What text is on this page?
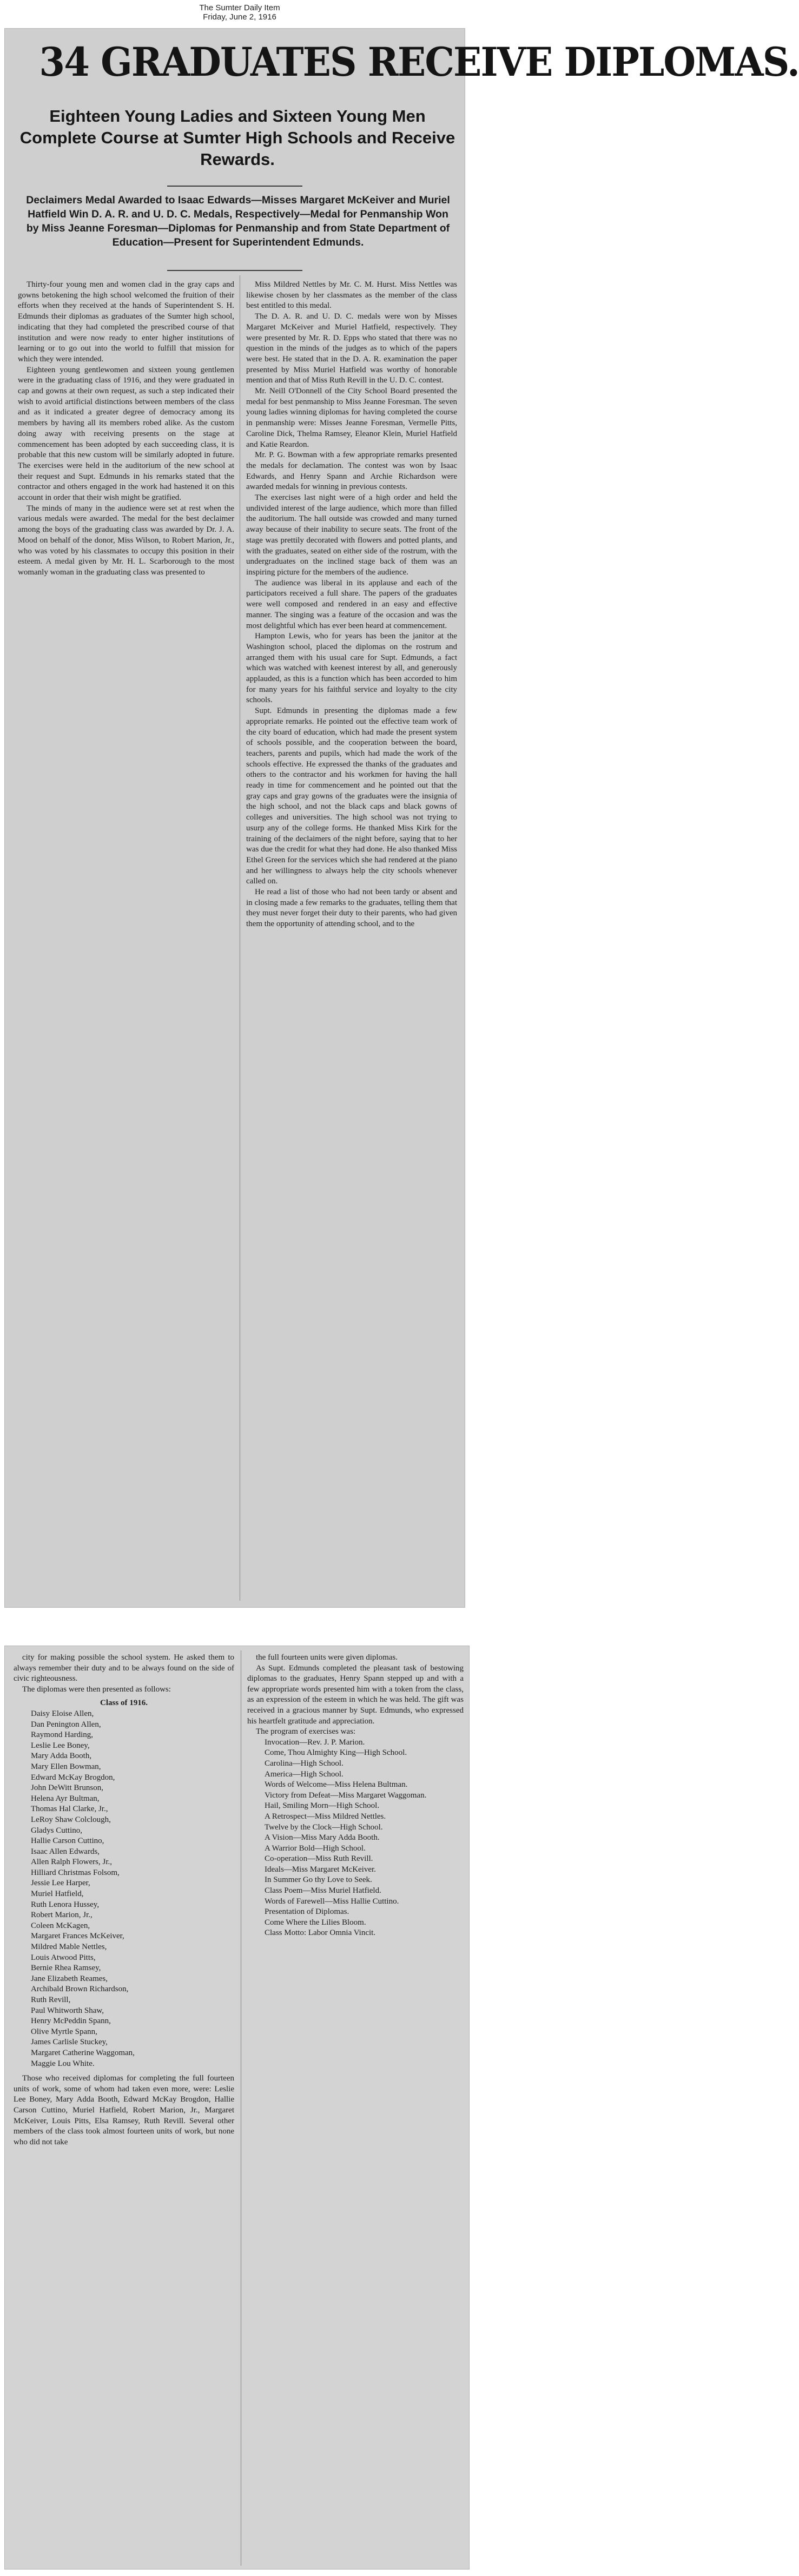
The Sumter Daily Item
Friday, June 2, 1916
34 GRADUATES RECEIVE DIPLOMAS.
Eighteen Young Ladies and Sixteen Young Men Complete Course at Sumter High Schools and Receive Rewards.
Declaimers Medal Awarded to Isaac Edwards—Misses Margaret McKeiver and Muriel Hatfield Win D. A. R. and U. D. C. Medals, Respectively—Medal for Penmanship Won by Miss Jeanne Foresman—Diplomas for Penmanship and from State Department of Education—Present for Superintendent Edmunds.

Thirty-four young men and women clad in the gray caps and gowns betokening the high school welcomed the fruition of their efforts when they received at the hands of Superintendent S. H. Edmunds their diplomas as graduates of the Sumter high school, indicating that they had completed the prescribed course of that institution and were now ready to enter higher institutions of learning or to go out into the world to fulfill that mission for which they were intended.

Eighteen young gentlewomen and sixteen young gentlemen were in the graduating class of 1916, and they were graduated in cap and gowns at their own request, as such a step indicated their wish to avoid artificial distinctions between members of the class and as it indicated a greater degree of democracy among its members by having all its members robed alike. As the custom doing away with receiving presents on the stage at commencement has been adopted by each succeeding class, it is probable that this new custom will be similarly adopted in future. The exercises were held in the auditorium of the new school at their request and Supt. Edmunds in his remarks stated that the contractor and others engaged in the work had hastened it on this account in order that their wish might be gratified.

The minds of many in the audience were set at rest when the various medals were awarded. The medal for the best declaimer among the boys of the graduating class was awarded by Dr. J. A. Mood on behalf of the donor, Miss Wilson, to Robert Marion, Jr., who was voted by his classmates to occupy this position in their esteem. A medal given by Mr. H. L. Scarborough to the most womanly woman in the graduating class was presented to

Miss Mildred Nettles by Mr. C. M. Hurst. Miss Nettles was likewise chosen by her classmates as the member of the class best entitled to this medal.

The D. A. R. and U. D. C. medals were won by Misses Margaret McKeiver and Muriel Hatfield, respectively. They were presented by Mr. R. D. Epps who stated that there was no question in the minds of the judges as to which of the papers were best. He stated that in the D. A. R. examination the paper presented by Miss Muriel Hatfield was worthy of honorable mention and that of Miss Ruth Revill in the U. D. C. contest.

Mr. Neill O'Donnell of the City School Board presented the medal for best penmanship to Miss Jeanne Foresman. The seven young ladies winning diplomas for having completed the course in penmanship were: Misses Jeanne Foresman, Vermelle Pitts, Caroline Dick, Thelma Ramsey, Eleanor Klein, Muriel Hatfield and Katie Reardon.

Mr. P. G. Bowman with a few appropriate remarks presented the medals for declamation. The contest was won by Isaac Edwards, and Henry Spann and Archie Richardson were awarded medals for winning in previous contests.

The exercises last night were of a high order and held the undivided interest of the large audience, which more than filled the auditorium. The hall outside was crowded and many turned away because of their inability to secure seats. The front of the stage was prettily decorated with flowers and potted plants, and with the graduates, seated on either side of the rostrum, with the undergraduates on the inclined stage back of them was an inspiring picture for the members of the audience.

The audience was liberal in its applause and each of the participators received a full share. The papers of the graduates were well composed and rendered in an easy and effective manner. The singing was a feature of the occasion and was the most delightful which has ever been heard at commencement.

Hampton Lewis, who for years has been the janitor at the Washington school, placed the diplomas on the rostrum and arranged them with his usual care for Supt. Edmunds, a fact which was watched with keenest interest by all, and generously applauded, as this is a function which has been accorded to him for many years for his faithful service and loyalty to the city schools.

Supt. Edmunds in presenting the diplomas made a few appropriate remarks. He pointed out the effective team work of the city board of education, which had made the present system of schools possible, and the cooperation between the board, teachers, parents and pupils, which had made the work of the schools effective. He expressed the thanks of the graduates and others to the contractor and his workmen for having the hall ready in time for commencement and he pointed out that the gray caps and gray gowns of the graduates were the insignia of the high school, and not the black caps and black gowns of colleges and universities. The high school was not trying to usurp any of the college forms. He thanked Miss Kirk for the training of the declaimers of the night before, saying that to her was due the credit for what they had done. He also thanked Miss Ethel Green for the services which she had rendered at the piano and her willingness to always help the city schools whenever called on.

He read a list of those who had not been tardy or absent and in closing made a few remarks to the graduates, telling them that they must never forget their duty to their parents, who had given them the opportunity of attending school, and to the

city for making possible the school system. He asked them to always remember their duty and to be always found on the side of civic righteousness.

The diplomas were then presented as follows:

Class of 1916.

Daisy Eloise Allen,
Dan Penington Allen,
Raymond Harding,
Leslie Lee Boney,
Mary Adda Booth,
Mary Ellen Bowman,
Edward McKay Brogdon,
John DeWitt Brunson,
Helena Ayr Bultman,
Thomas Hal Clarke, Jr.,
LeRoy Shaw Colclough,
Gladys Cuttino,
Hallie Carson Cuttino,
Isaac Allen Edwards,
Allen Ralph Flowers, Jr.,
Hilliard Christmas Folsom,
Jessie Lee Harper,
Muriel Hatfield,
Ruth Lenora Hussey,
Robert Marion, Jr.,
Coleen McKagen,
Margaret Frances McKeiver,
Mildred Mable Nettles,
Louis Atwood Pitts,
Bernie Rhea Ramsey,
Jane Elizabeth Reames,
Archibald Brown Richardson,
Ruth Revill,
Paul Whitworth Shaw,
Henry McPeddin Spann,
Olive Myrtle Spann,
James Carlisle Stuckey,
Margaret Catherine Waggoman,
Maggie Lou White.

Those who received diplomas for completing the full fourteen units of work, some of whom had taken even more, were: Leslie Lee Boney, Mary Adda Booth, Edward McKay Brogdon, Hallie Carson Cuttino, Muriel Hatfield, Robert Marion, Jr., Margaret McKeiver, Louis Pitts, Elsa Ramsey, Ruth Revill. Several other members of the class took almost fourteen units of work, but none who did not take

the full fourteen units were given diplomas.

As Supt. Edmunds completed the pleasant task of bestowing diplomas to the graduates, Henry Spann stepped up and with a few appropriate words presented him with a token from the class, as an expression of the esteem in which he was held. The gift was received in a gracious manner by Supt. Edmunds, who expressed his heartfelt gratitude and appreciation.

The program of exercises was:

Invocation—Rev. J. P. Marion.

Come, Thou Almighty King—High School.

Carolina—High School.

America—High School.

Words of Welcome—Miss Helena Bultman.

Victory from Defeat—Miss Margaret Waggoman.

Hail, Smiling Morn—High School.

A Retrospect—Miss Mildred Nettles.

Twelve by the Clock—High School.

A Vision—Miss Mary Adda Booth.

A Warrior Bold—High School.

Co-operation—Miss Ruth Revill.

Ideals—Miss Margaret McKeiver.

In Summer Go thy Love to Seek.

Class Poem—Miss Muriel Hatfield.

Words of Farewell—Miss Hallie Cuttino.

Presentation of Diplomas.

Come Where the Lilies Bloom.

Class Motto: Labor Omnia Vincit.
